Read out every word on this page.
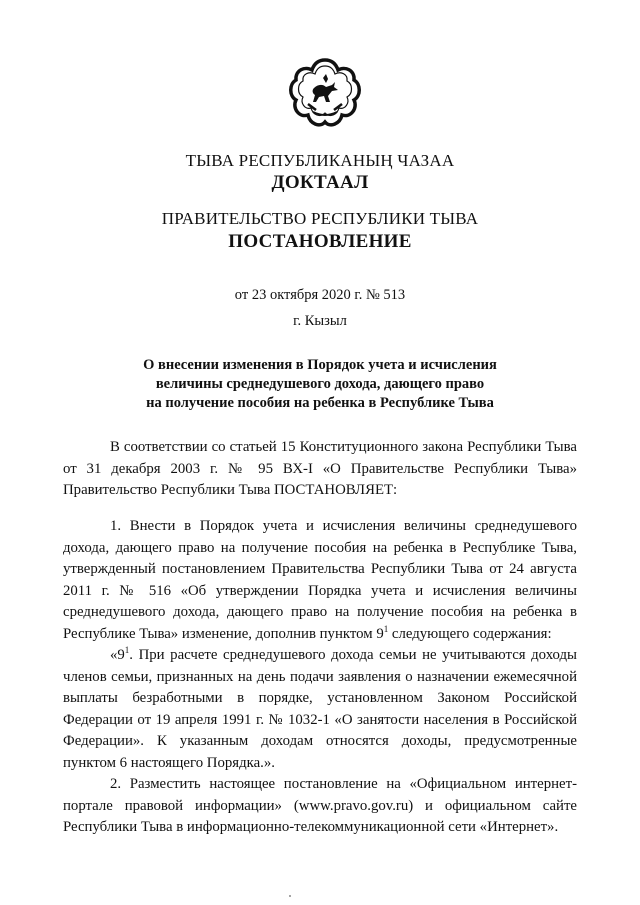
ТЫВА РЕСПУБЛИКАНЫҢ ЧАЗАА
ДОКТААЛ
ПРАВИТЕЛЬСТВО РЕСПУБЛИКИ ТЫВА
ПОСТАНОВЛЕНИЕ
от 23 октября 2020 г. № 513
г. Кызыл
О внесении изменения в Порядок учета и исчисления
величины среднедушевого дохода, дающего право
на получение пособия на ребенка в Республике Тыва

В соответствии со статьей 15 Конституционного закона Республики Тыва от 31 декабря 2003 г. № 95 ВХ-I «О Правительстве Республики Тыва» Правительство Республики Тыва ПОСТАНОВЛЯЕТ:

1. Внести в Порядок учета и исчисления величины среднедушевого дохода, дающего право на получение пособия на ребенка в Республике Тыва, утвержденный постановлением Правительства Республики Тыва от 24 августа 2011 г. № 516 «Об утверждении Порядка учета и исчисления величины среднедушевого дохода, дающего право на получение пособия на ребенка в Республике Тыва» изменение, дополнив пунктом $9^1$ следующего содержания:

«$9^1$. При расчете среднедушевого дохода семьи не учитываются доходы членов семьи, признанных на день подачи заявления о назначении ежемесячной выплаты безработными в порядке, установленном Законом Российской Федерации от 19 апреля 1991 г. № 1032-1 «О занятости населения в Российской Федерации». К указанным доходам относятся доходы, предусмотренные пунктом 6 настоящего Порядка.».

2. Разместить настоящее постановление на «Официальном интернет-портале правовой информации» (www.pravo.gov.ru) и официальном сайте Республики Тыва в информационно-телекоммуникационной сети «Интернет».
